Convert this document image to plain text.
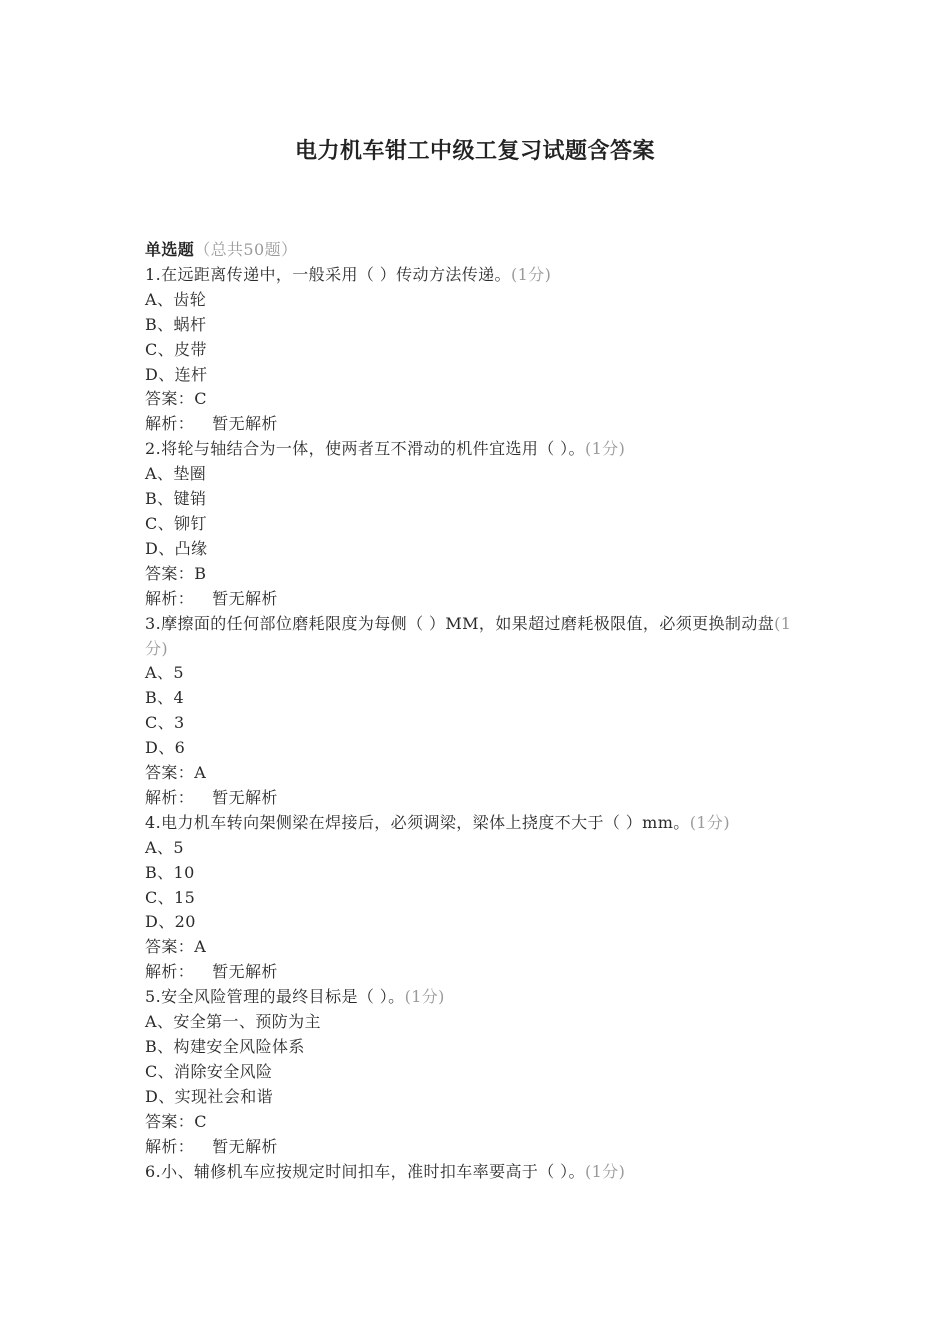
电力机车钳工中级工复习试题含答案
单选题（总共50题）
1.在远距离传递中，一般采用（ ）传动方法传递。(1分)
A、齿轮
B、蜗杆
C、皮带
D、连杆
答案：C
解析： 暂无解析
2.将轮与轴结合为一体，使两者互不滑动的机件宜选用（ ）。(1分)
A、垫圈
B、键销
C、铆钉
D、凸缘
答案：B
解析： 暂无解析
3.摩擦面的任何部位磨耗限度为每侧（ ）MM，如果超过磨耗极限值，必须更换制动盘(1分)
A、5
B、4
C、3
D、6
答案：A
解析： 暂无解析
4.电力机车转向架侧梁在焊接后，必须调梁，梁体上挠度不大于（ ）mm。(1分)
A、5
B、10
C、15
D、20
答案：A
解析： 暂无解析
5.安全风险管理的最终目标是（ ）。(1分)
A、安全第一、预防为主
B、构建安全风险体系
C、消除安全风险
D、实现社会和谐
答案：C
解析： 暂无解析
6.小、辅修机车应按规定时间扣车，准时扣车率要高于（ ）。(1分)
